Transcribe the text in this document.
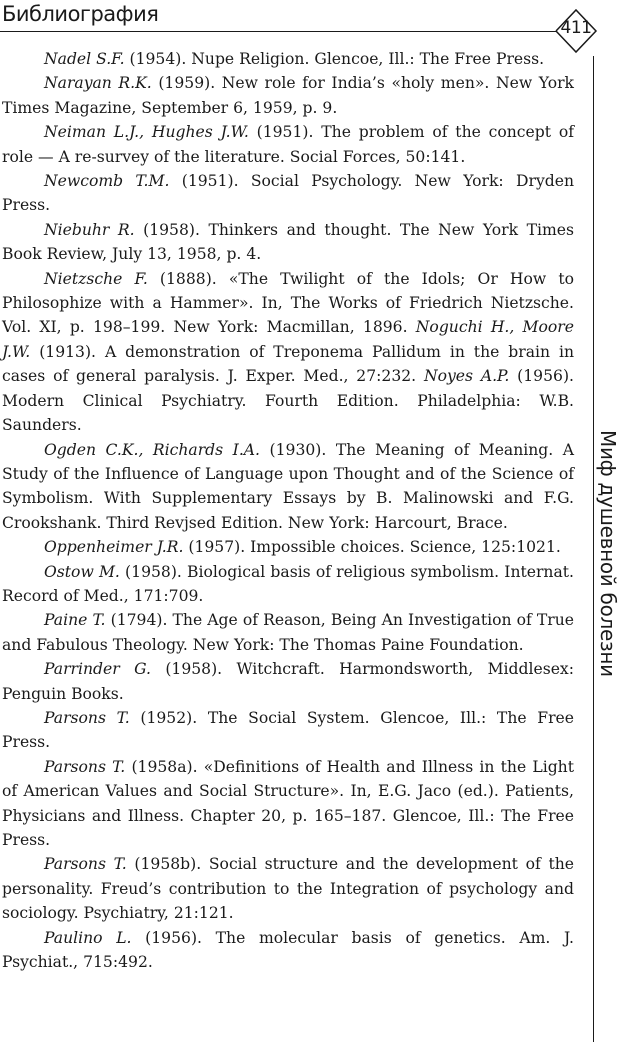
Библиография
411
Миф душевной болезни

Nadel S.F. (1954). Nupe Religion. Glencoe, Ill.: The Free Press.

Narayan R.K. (1959). New role for India’s «holy men». New York Times Magazine, September 6, 1959, p. 9.

Neiman L.J., Hughes J.W. (1951). The problem of the concept of role — A re-survey of the literature. Social Forces, 50:141.

Newcomb T.M. (1951). Social Psychology. New York: Dryden Press.

Niebuhr R. (1958). Thinkers and thought. The New York Times Book Review, July 13, 1958, p. 4.

Nietzsche F. (1888). «The Twilight of the Idols; Or How to Philosophize with a Hammer». In, The Works of Friedrich Nietzsche. Vol. XI, p. 198–199. New York: Macmillan, 1896. Noguchi H., Moore J.W. (1913). A demonstration of Treponema Pallidum in the brain in cases of general paralysis. J. Exper. Med., 27:232. Noyes A.P. (1956). Modern Clinical Psychiatry. Fourth Edition. Philadelphia: W.B. Saunders.

Ogden C.K., Richards I.A. (1930). The Meaning of Meaning. A Study of the Influence of Language upon Thought and of the Science of Symbolism. With Supplementary Essays by B. Malinowski and F.G. Crookshank. Third Revjsed Edition. New York: Harcourt, Brace.

Oppenheimer J.R. (1957). Impossible choices. Science, 125:1021.

Ostow M. (1958). Biological basis of religious symbolism. Internat. Record of Med., 171:709.

Paine T. (1794). The Age of Reason, Being An Investigation of True and Fabulous Theology. New York: The Thomas Paine Foundation.

Parrinder G. (1958). Witchcraft. Harmondsworth, Middlesex: Penguin Books.

Parsons T. (1952). The Social System. Glencoe, Ill.: The Free Press.

Parsons T. (1958a). «Definitions of Health and Illness in the Light of American Values and Social Structure». In, E.G. Jaco (ed.). Patients, Physicians and Illness. Chapter 20, p. 165–187. Glencoe, Ill.: The Free Press.

Parsons T. (1958b). Social structure and the development of the personality. Freud’s contribution to the Integration of psychology and sociology. Psychiatry, 21:121.

Paulino L. (1956). The molecular basis of genetics. Am. J. Psychiat., 715:492.
